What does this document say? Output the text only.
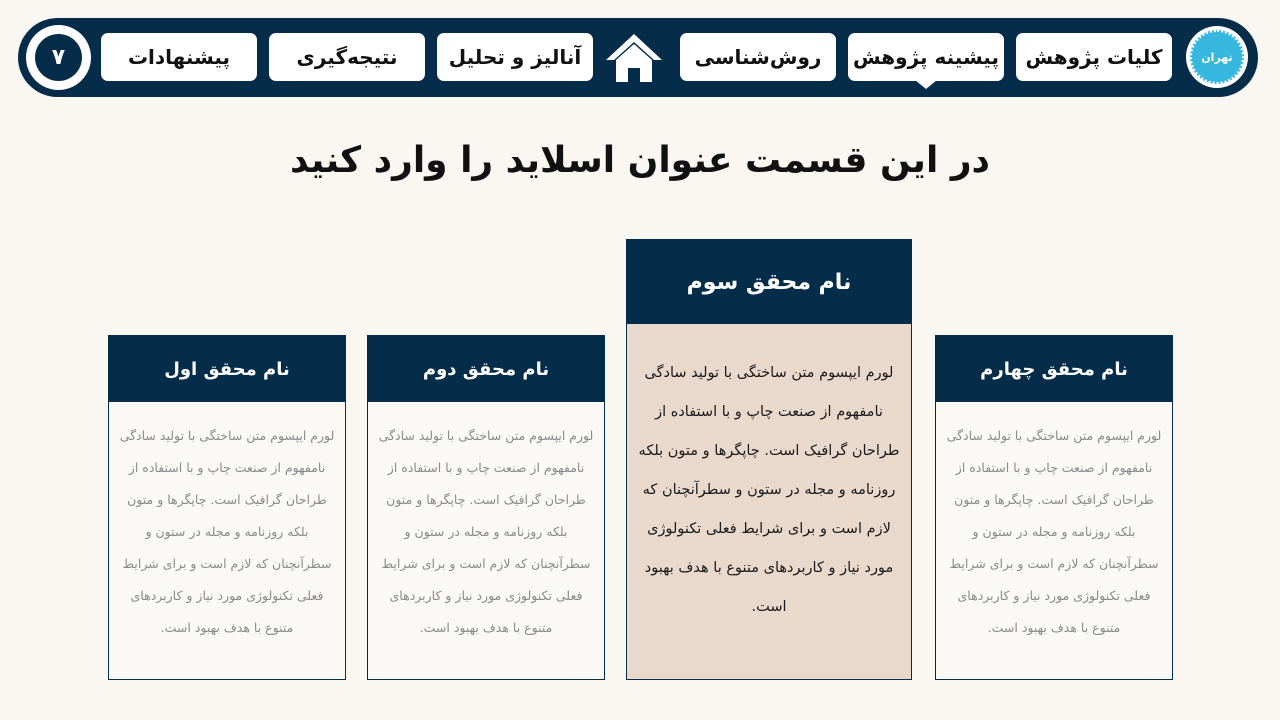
تهران
کلیات پژوهش
پیشینه پژوهش
روش‌شناسی
آنالیز و تحلیل
نتیجه‌گیری
پیشنهادات
۷
در این قسمت عنوان اسلاید را وارد کنید
نام محقق اول
لورم ایپسوم متن ساختگی با تولید سادگی نامفهوم از صنعت چاپ و با استفاده از طراحان گرافیک است. چاپگرها و متون بلکه روزنامه و مجله در ستون و سطرآنچنان که لازم است و برای شرایط فعلی تکنولوژی مورد نیاز و کاربردهای متنوع با هدف بهبود است.
نام محقق دوم
لورم ایپسوم متن ساختگی با تولید سادگی نامفهوم از صنعت چاپ و با استفاده از طراحان گرافیک است. چاپگرها و متون بلکه روزنامه و مجله در ستون و سطرآنچنان که لازم است و برای شرایط فعلی تکنولوژی مورد نیاز و کاربردهای متنوع با هدف بهبود است.
نام محقق سوم
لورم ایپسوم متن ساختگی با تولید سادگی نامفهوم از صنعت چاپ و با استفاده از طراحان گرافیک است. چاپگرها و متون بلکه روزنامه و مجله در ستون و سطرآنچنان که لازم است و برای شرایط فعلی تکنولوژی مورد نیاز و کاربردهای متنوع با هدف بهبود است.
نام محقق چهارم
لورم ایپسوم متن ساختگی با تولید سادگی نامفهوم از صنعت چاپ و با استفاده از طراحان گرافیک است. چاپگرها و متون بلکه روزنامه و مجله در ستون و سطرآنچنان که لازم است و برای شرایط فعلی تکنولوژی مورد نیاز و کاربردهای متنوع با هدف بهبود است.
